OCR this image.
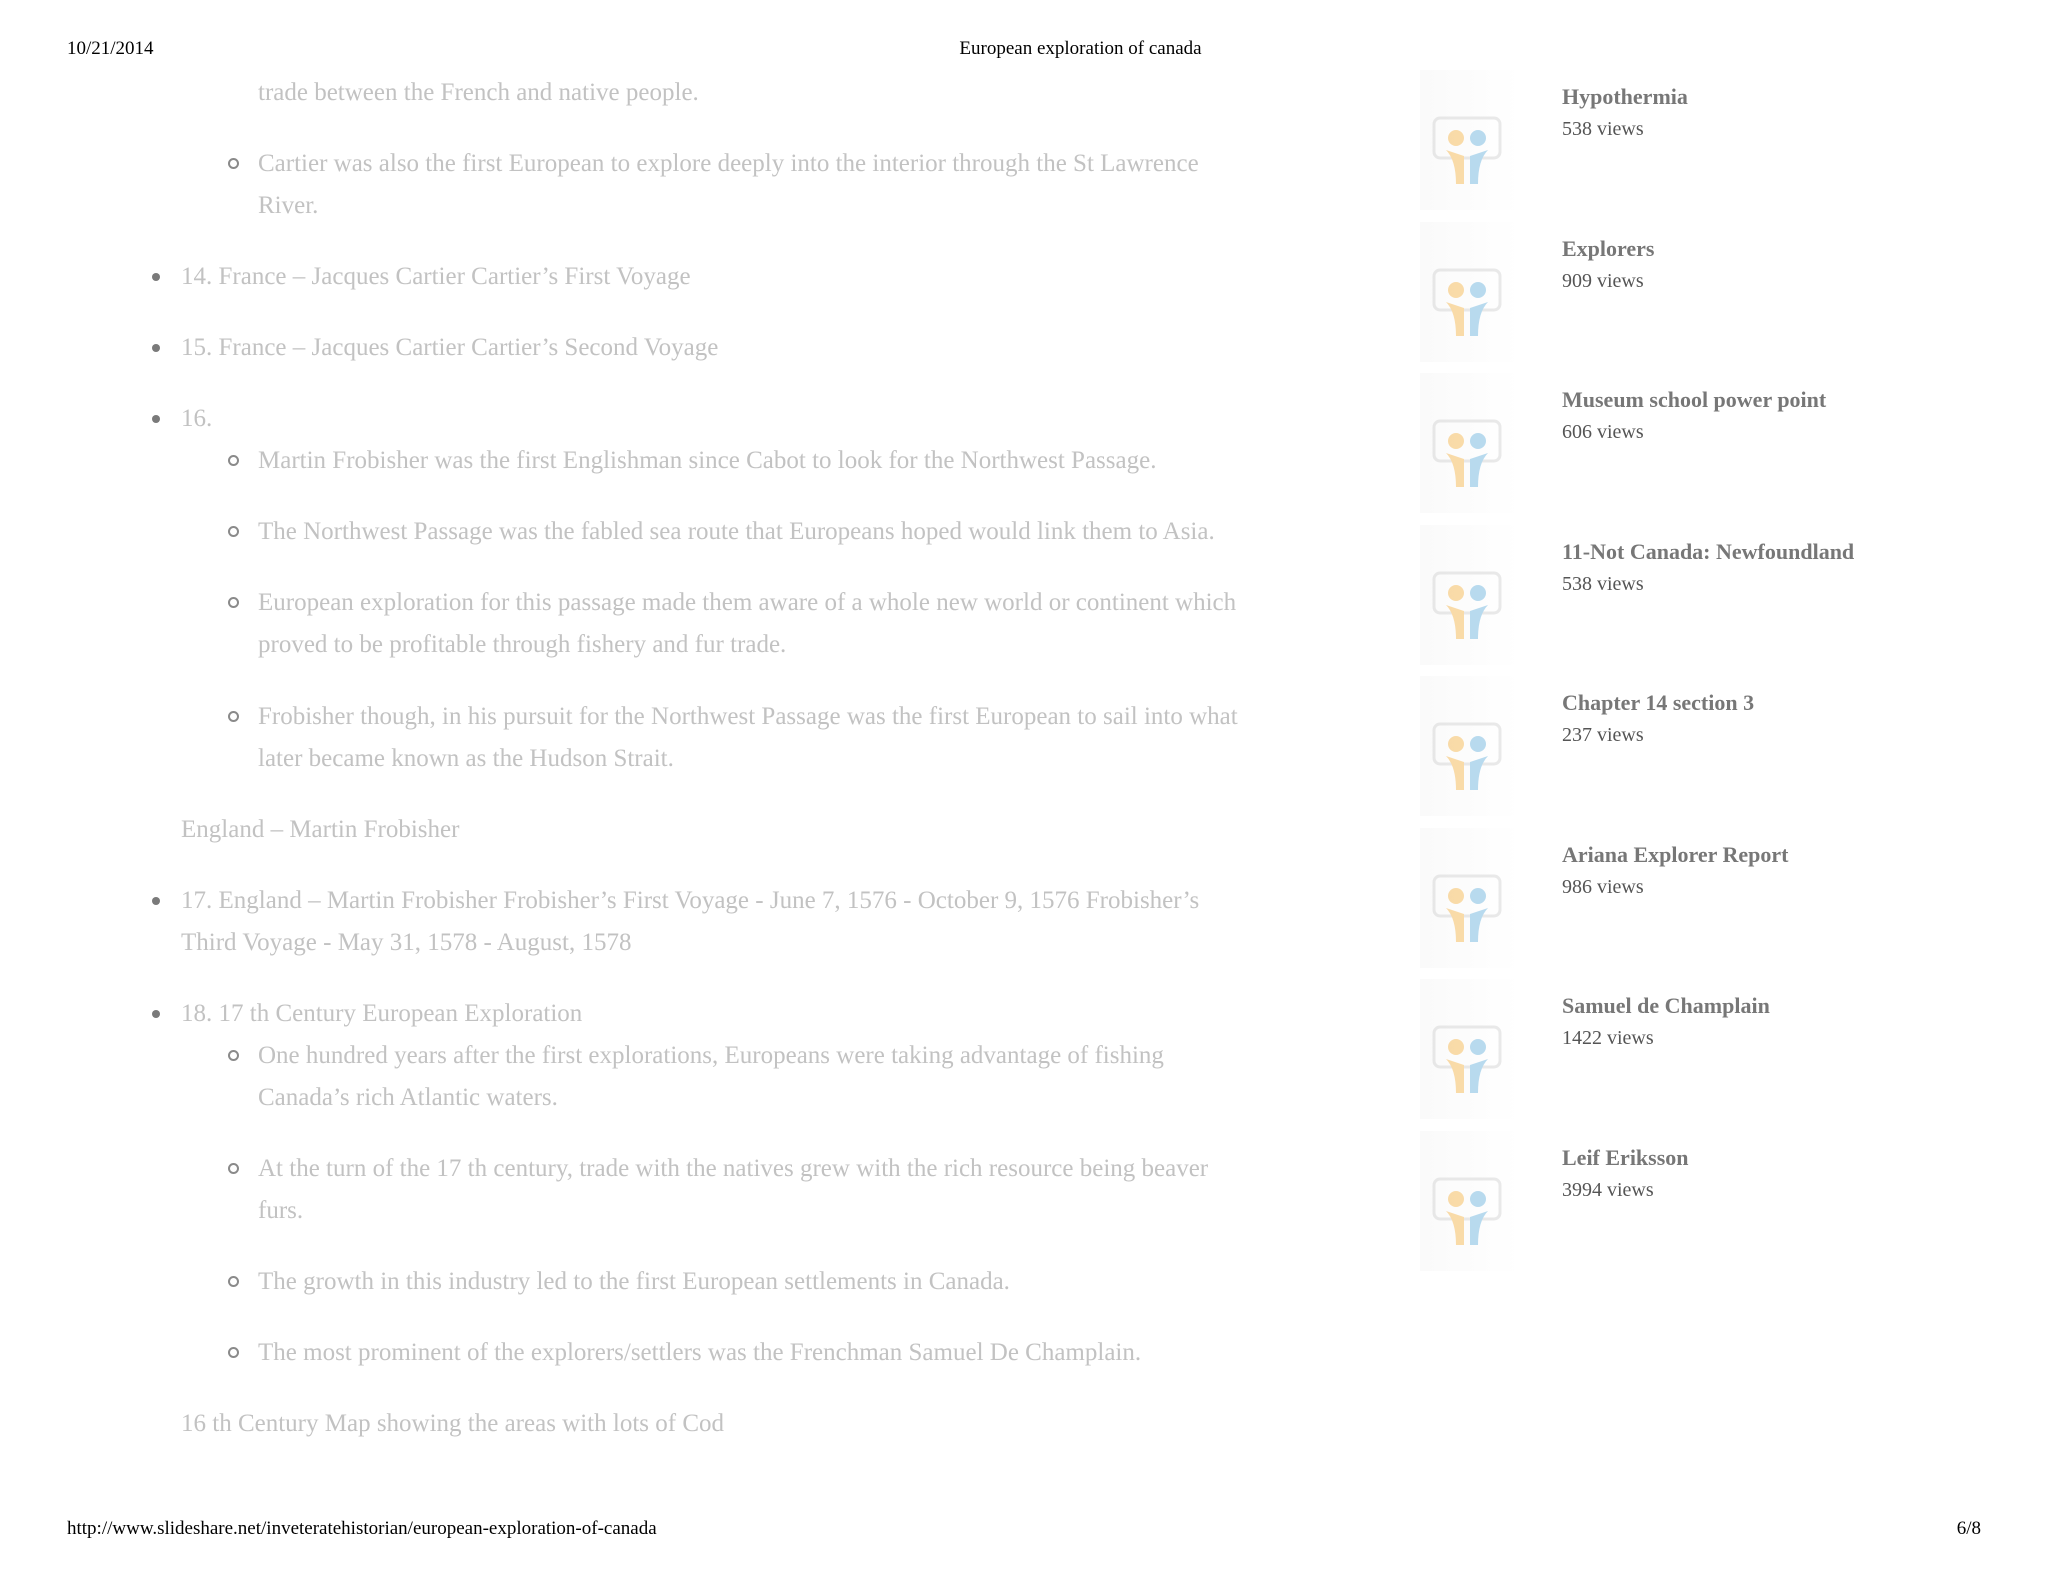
10/21/2014	European exploration of canada
trade between the French and native people.
Cartier was also the first European to explore deeply into the interior through the St Lawrence
River.
14. France – Jacques Cartier Cartier’s First Voyage
15. France – Jacques Cartier Cartier’s Second Voyage
16.
Martin Frobisher was the first Englishman since Cabot to look for the Northwest Passage.
The Northwest Passage was the fabled sea route that Europeans hoped would link them to Asia.
European exploration for this passage made them aware of a whole new world or continent which
proved to be profitable through fishery and fur trade.
Frobisher though, in his pursuit for the Northwest Passage was the first European to sail into what
later became known as the Hudson Strait.
England – Martin Frobisher
17. England – Martin Frobisher Frobisher’s First Voyage - June 7, 1576 - October 9, 1576 Frobisher’s
Third Voyage - May 31, 1578 - August, 1578
18. 17 th Century European Exploration
One hundred years after the first explorations, Europeans were taking advantage of fishing
Canada’s rich Atlantic waters.
At the turn of the 17 th century, trade with the natives grew with the rich resource being beaver
furs.
The growth in this industry led to the first European settlements in Canada.
The most prominent of the explorers/settlers was the Frenchman Samuel De Champlain.
16 th Century Map showing the areas with lots of Cod
Hypothermia
538 views
Explorers
909 views
Museum school power point
606 views
11-Not Canada: Newfoundland
538 views
Chapter 14 section 3
237 views
Ariana Explorer Report
986 views
Samuel de Champlain
1422 views
Leif Eriksson
3994 views
http://www.slideshare.net/inveteratehistorian/european-exploration-of-canada	6/8
